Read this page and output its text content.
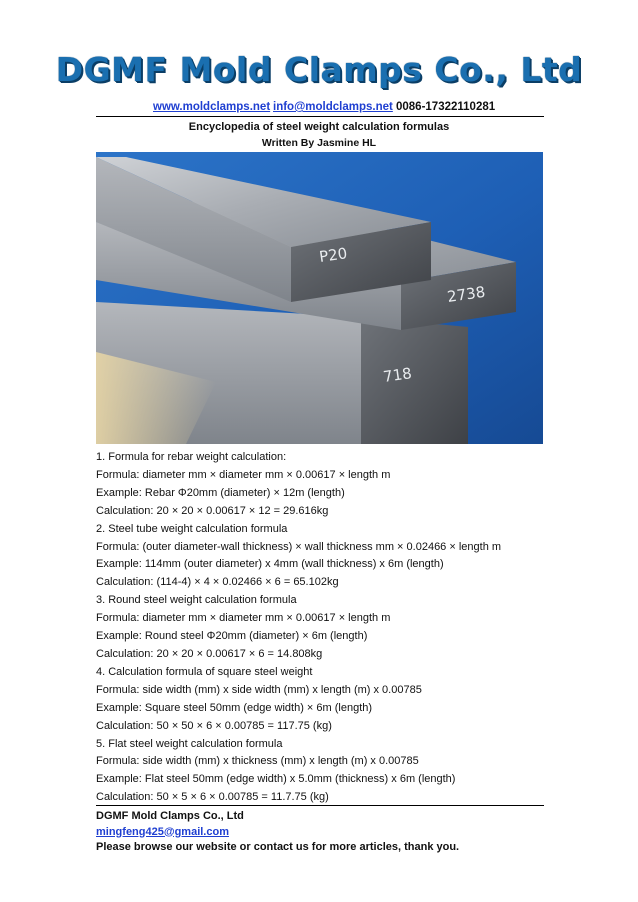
DGMF Mold Clamps Co., Ltd
www.moldclamps.net info@moldclamps.net 0086-17322110281
Encyclopedia of steel weight calculation formulas
Written By Jasmine HL
P20
2738
718
1. Formula for rebar weight calculation:
Formula: diameter mm × diameter mm × 0.00617 × length m
Example: Rebar Φ20mm (diameter) × 12m (length)
Calculation: 20 × 20 × 0.00617 × 12 = 29.616kg
2. Steel tube weight calculation formula
Formula: (outer diameter-wall thickness) × wall thickness mm × 0.02466 × length m
Example: 114mm (outer diameter) x 4mm (wall thickness) x 6m (length)
Calculation: (114-4) × 4 × 0.02466 × 6 = 65.102kg
3. Round steel weight calculation formula
Formula: diameter mm × diameter mm × 0.00617 × length m
Example: Round steel Φ20mm (diameter) × 6m (length)
Calculation: 20 × 20 × 0.00617 × 6 = 14.808kg
4. Calculation formula of square steel weight
Formula: side width (mm) x side width (mm) x length (m) x 0.00785
Example: Square steel 50mm (edge width) × 6m (length)
Calculation: 50 × 50 × 6 × 0.00785 = 117.75 (kg)
5. Flat steel weight calculation formula
Formula: side width (mm) x thickness (mm) x length (m) x 0.00785
Example: Flat steel 50mm (edge width) x 5.0mm (thickness) x 6m (length)
Calculation: 50 × 5 × 6 × 0.00785 = 11.7.75 (kg)
DGMF Mold Clamps Co., Ltd
mingfeng425@gmail.com
Please browse our website or contact us for more articles, thank you.
